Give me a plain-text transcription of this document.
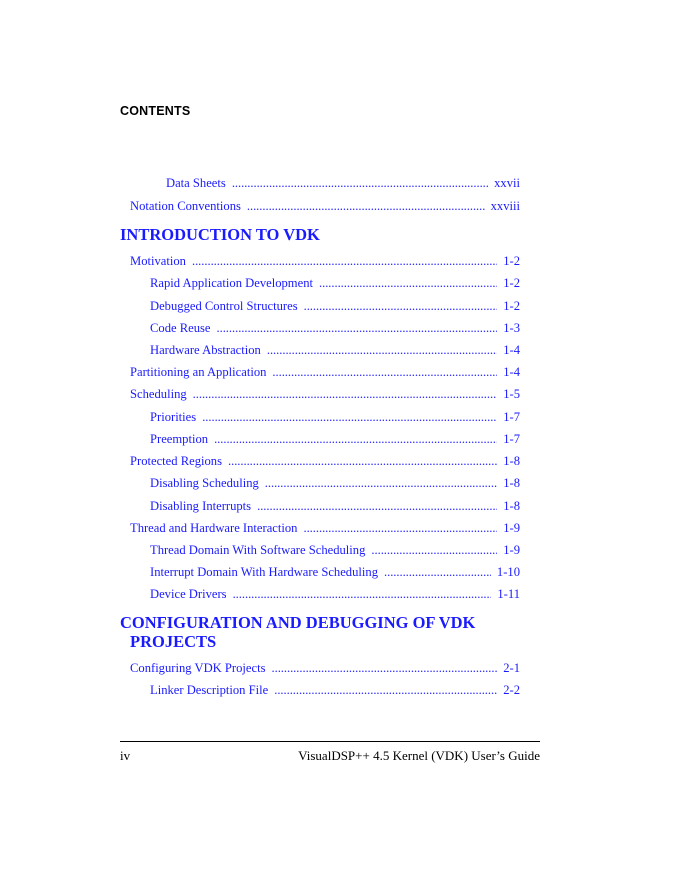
CONTENTS
Data Sheets . . .	xxvii
Notation Conventions . . .	xxviii
INTRODUCTION TO VDK
Motivation . . .	1-2
Rapid Application Development . . .	1-2
Debugged Control Structures . . .	1-2
Code Reuse . . .	1-3
Hardware Abstraction . . .	1-4
Partitioning an Application . . .	1-4
Scheduling . . .	1-5
Priorities . . .	1-7
Preemption . . .	1-7
Protected Regions . . .	1-8
Disabling Scheduling . . .	1-8
Disabling Interrupts . . .	1-8
Thread and Hardware Interaction . . .	1-9
Thread Domain With Software Scheduling . . .	1-9
Interrupt Domain With Hardware Scheduling . . .	1-10
Device Drivers . . .	1-11
CONFIGURATION AND DEBUGGING OF VDK
PROJECTS
Configuring VDK Projects . . .	2-1
Linker Description File . . .	2-2
iv	VisualDSP++ 4.5 Kernel (VDK) User’s Guide
